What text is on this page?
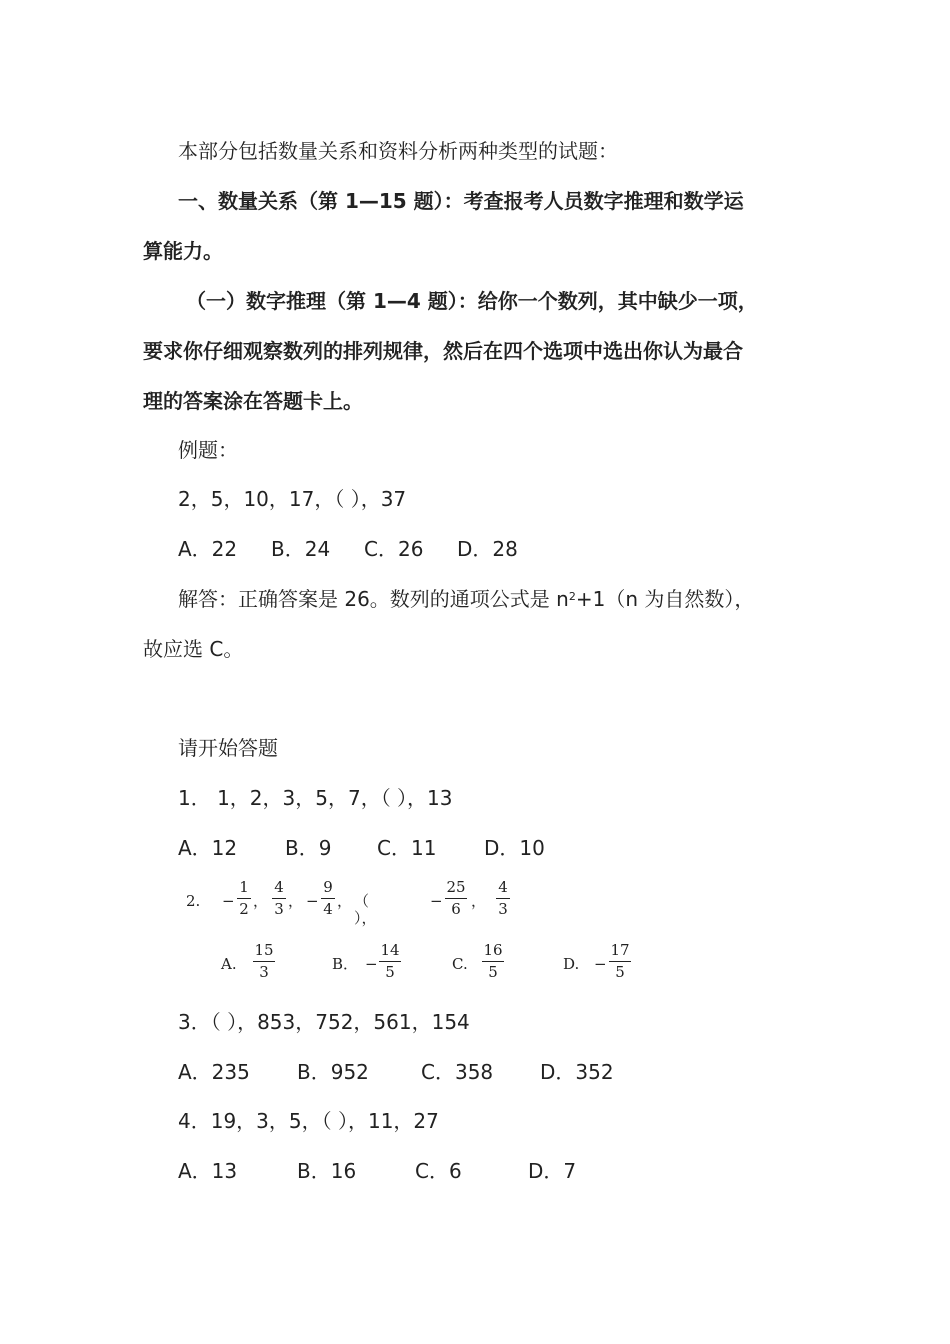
本部分包括数量关系和资料分析两种类型的试题：
一、数量关系（第 1—15 题）：考查报考人员数字推理和数学运
算能力。
（一）数字推理（第 1—4 题）：给你一个数列，其中缺少一项，
要求你仔细观察数列的排列规律，然后在四个选项中选出你认为最合
理的答案涂在答题卡上。
例题：
2，5，10，17，（ ），37
A．22 B．24 C．26 D．28
解答：正确答案是 26。数列的通项公式是 $n^2+1(n$ 为自然数），
故应选 C。
请开始答题
1． 1，2，3，5，7，（ ），13
A．12 B．9 C．11 D．10
2. −
1
2 ，
4
3 ， −
9
4 ， （ ），
−
25
6 ，
4
3
A.
15
3	B． −
14
5	C.
16
5	D. −
17
5
3．（ ），853，752，561，154
A．235 B．952	C．358 D．352
4．19，3，5，（ ），11，27
A．13	B．16	C．6	D．7
